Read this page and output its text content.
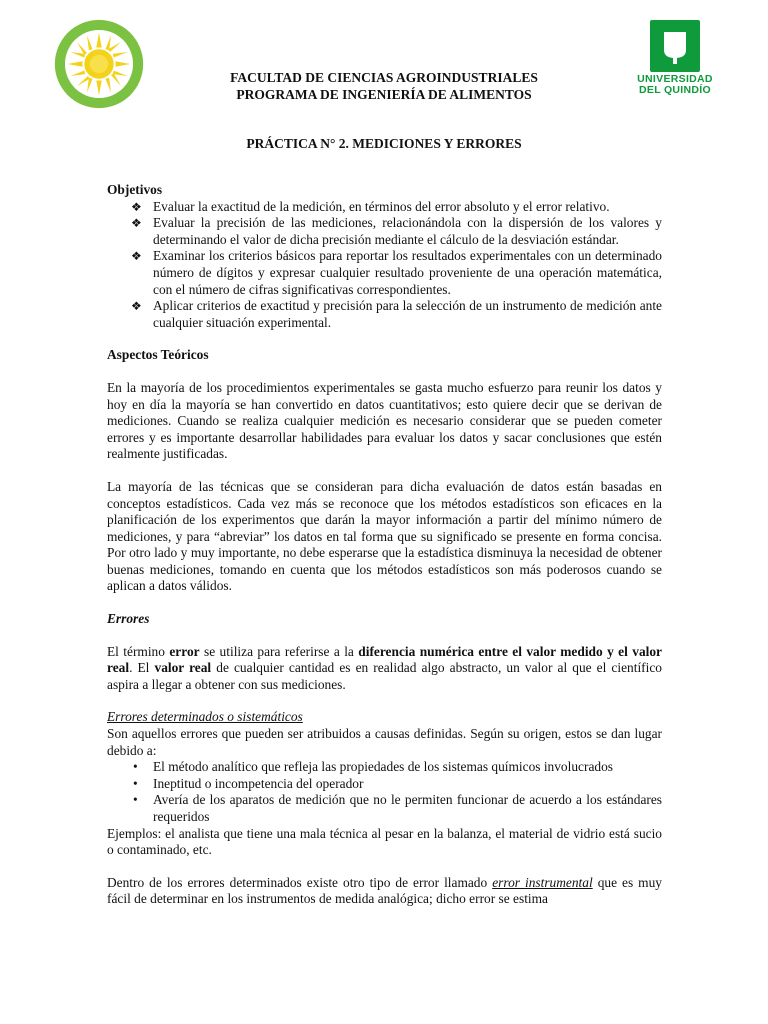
UNIVERSIDAD
DEL QUINDÍO
FACULTAD DE CIENCIAS AGROINDUSTRIALES
PROGRAMA DE INGENIERÍA DE ALIMENTOS
PRÁCTICA N° 2. MEDICIONES Y ERRORES

Objetivos

❖ Evaluar la exactitud de la medición, en términos del error absoluto y el error relativo.
❖ Evaluar la precisión de las mediciones, relacionándola con la dispersión de los valores y determinando el valor de dicha precisión mediante el cálculo de la desviación estándar.
❖ Examinar los criterios básicos para reportar los resultados experimentales con un determinado número de dígitos y expresar cualquier resultado proveniente de una operación matemática, con el número de cifras significativas correspondientes.
❖ Aplicar criterios de exactitud y precisión para la selección de un instrumento de medición ante cualquier situación experimental.

Aspectos Teóricos

En la mayoría de los procedimientos experimentales se gasta mucho esfuerzo para reunir los datos y hoy en día la mayoría se han convertido en datos cuantitativos; esto quiere decir que se derivan de mediciones. Cuando se realiza cualquier medición es necesario considerar que se pueden cometer errores y es importante desarrollar habilidades para evaluar los datos y sacar conclusiones que estén realmente justificadas.

La mayoría de las técnicas que se consideran para dicha evaluación de datos están basadas en conceptos estadísticos. Cada vez más se reconoce que los métodos estadísticos son eficaces en la planificación de los experimentos que darán la mayor información a partir del mínimo número de mediciones, y para “abreviar” los datos en tal forma que su significado se presente en forma concisa. Por otro lado y muy importante, no debe esperarse que la estadística disminuya la necesidad de obtener buenas mediciones, tomando en cuenta que los métodos estadísticos son más poderosos cuando se aplican a datos válidos.

Errores

El término error se utiliza para referirse a la diferencia numérica entre el valor medido y el valor real. El valor real de cualquier cantidad es en realidad algo abstracto, un valor al que el científico aspira a llegar a obtener con sus mediciones.

Errores determinados o sistemáticos

Son aquellos errores que pueden ser atribuidos a causas definidas. Según su origen, estos se dan lugar debido a:

• El método analítico que refleja las propiedades de los sistemas químicos involucrados
• Ineptitud o incompetencia del operador
• Avería de los aparatos de medición que no le permiten funcionar de acuerdo a los estándares requeridos

Ejemplos: el analista que tiene una mala técnica al pesar en la balanza, el material de vidrio está sucio o contaminado, etc.

Dentro de los errores determinados existe otro tipo de error llamado error instrumental que es muy fácil de determinar en los instrumentos de medida analógica; dicho error se estima
